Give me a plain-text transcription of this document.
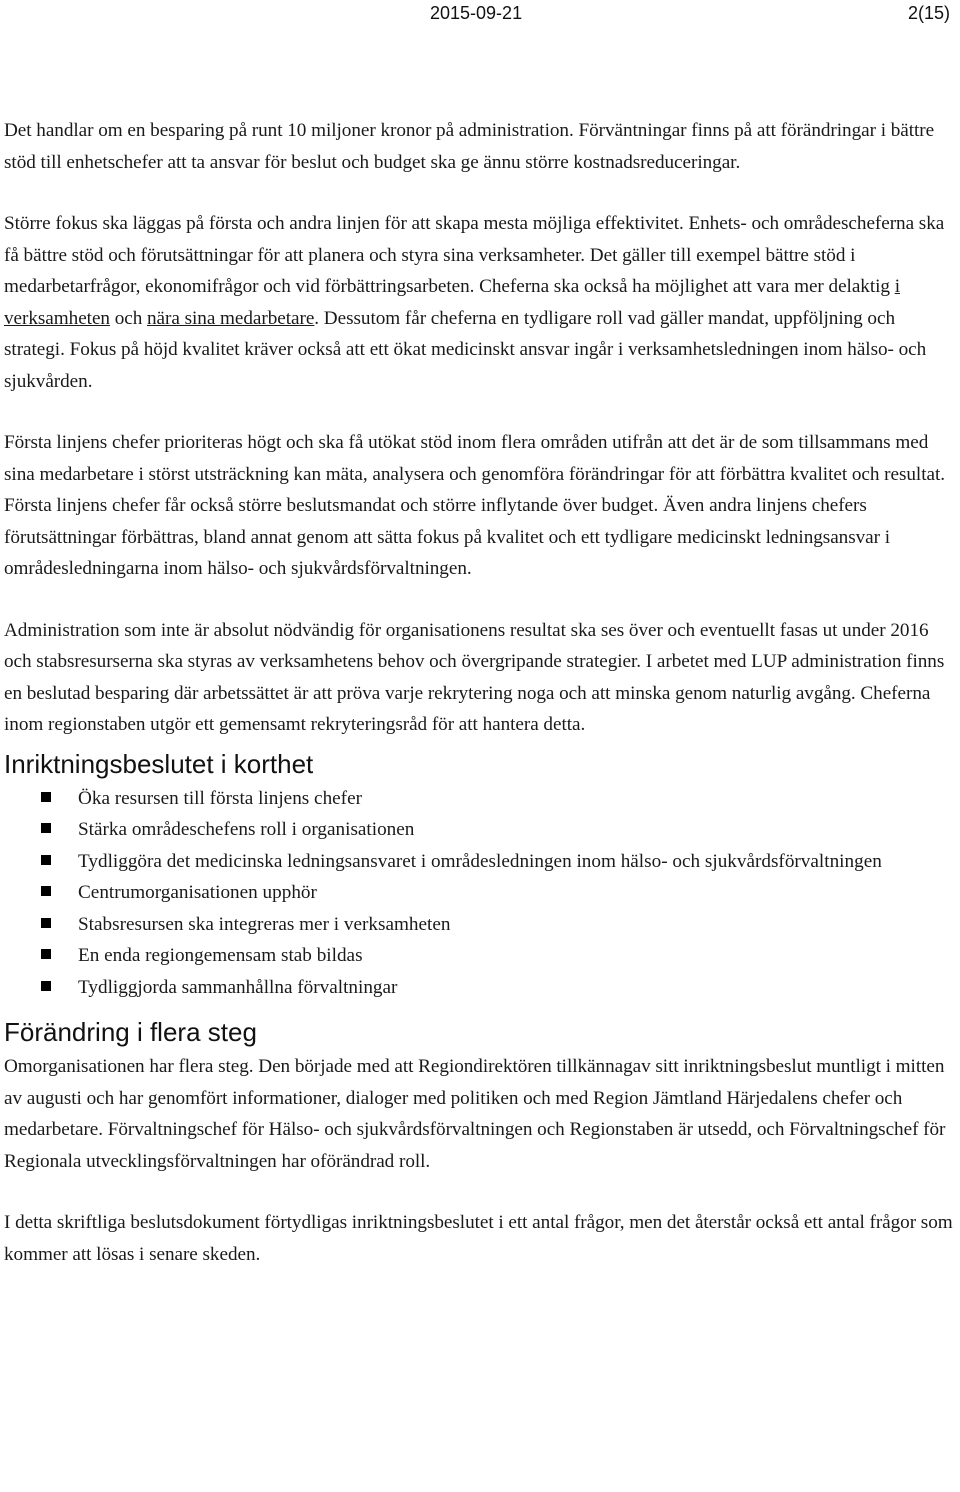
2015-09-21	2(15)

Det handlar om en besparing på runt 10 miljoner kronor på administration. Förväntningar finns på att förändringar i bättre stöd till enhetschefer att ta ansvar för beslut och budget ska ge ännu större kostnadsreduceringar.

Större fokus ska läggas på första och andra linjen för att skapa mesta möjliga effektivitet. Enhets- och områdescheferna ska få bättre stöd och förutsättningar för att planera och styra sina verksamheter. Det gäller till exempel bättre stöd i medarbetarfrågor, ekonomifrågor och vid förbättringsarbeten. Cheferna ska också ha möjlighet att vara mer delaktig i verksamheten och nära sina medarbetare. Dessutom får cheferna en tydligare roll vad gäller mandat, uppföljning och strategi. Fokus på höjd kvalitet kräver också att ett ökat medicinskt ansvar ingår i verksamhetsledningen inom hälso- och sjukvården.

Första linjens chefer prioriteras högt och ska få utökat stöd inom flera områden utifrån att det är de som tillsammans med sina medarbetare i störst utsträckning kan mäta, analysera och genomföra förändringar för att förbättra kvalitet och resultat. Första linjens chefer får också större beslutsmandat och större inflytande över budget. Även andra linjens chefers förutsättningar förbättras, bland annat genom att sätta fokus på kvalitet och ett tydligare medicinskt ledningsansvar i områdesledningarna inom hälso- och sjukvårdsförvaltningen.

Administration som inte är absolut nödvändig för organisationens resultat ska ses över och eventuellt fasas ut under 2016 och stabsresurserna ska styras av verksamhetens behov och övergripande strategier. I arbetet med LUP administration finns en beslutad besparing där arbetssättet är att pröva varje rekrytering noga och att minska genom naturlig avgång. Cheferna inom regionstaben utgör ett gemensamt rekryteringsråd för att hantera detta.

Inriktningsbeslutet i korthet
Öka resursen till första linjens chefer
Stärka områdeschefens roll i organisationen
Tydliggöra det medicinska ledningsansvaret i områdesledningen inom hälso- och sjukvårdsförvaltningen
Centrumorganisationen upphör
Stabsresursen ska integreras mer i verksamheten
En enda regiongemensam stab bildas
Tydliggjorda sammanhållna förvaltningar
Förändring i flera steg

Omorganisationen har flera steg. Den började med att Regiondirektören tillkännagav sitt inriktningsbeslut muntligt i mitten av augusti och har genomfört informationer, dialoger med politiken och med Region Jämtland Härjedalens chefer och medarbetare. Förvaltningschef för Hälso- och sjukvårdsförvaltningen och Regionstaben är utsedd, och Förvaltningschef för Regionala utvecklingsförvaltningen har oförändrad roll.

I detta skriftliga beslutsdokument förtydligas inriktningsbeslutet i ett antal frågor, men det återstår också ett antal frågor som kommer att lösas i senare skeden.
